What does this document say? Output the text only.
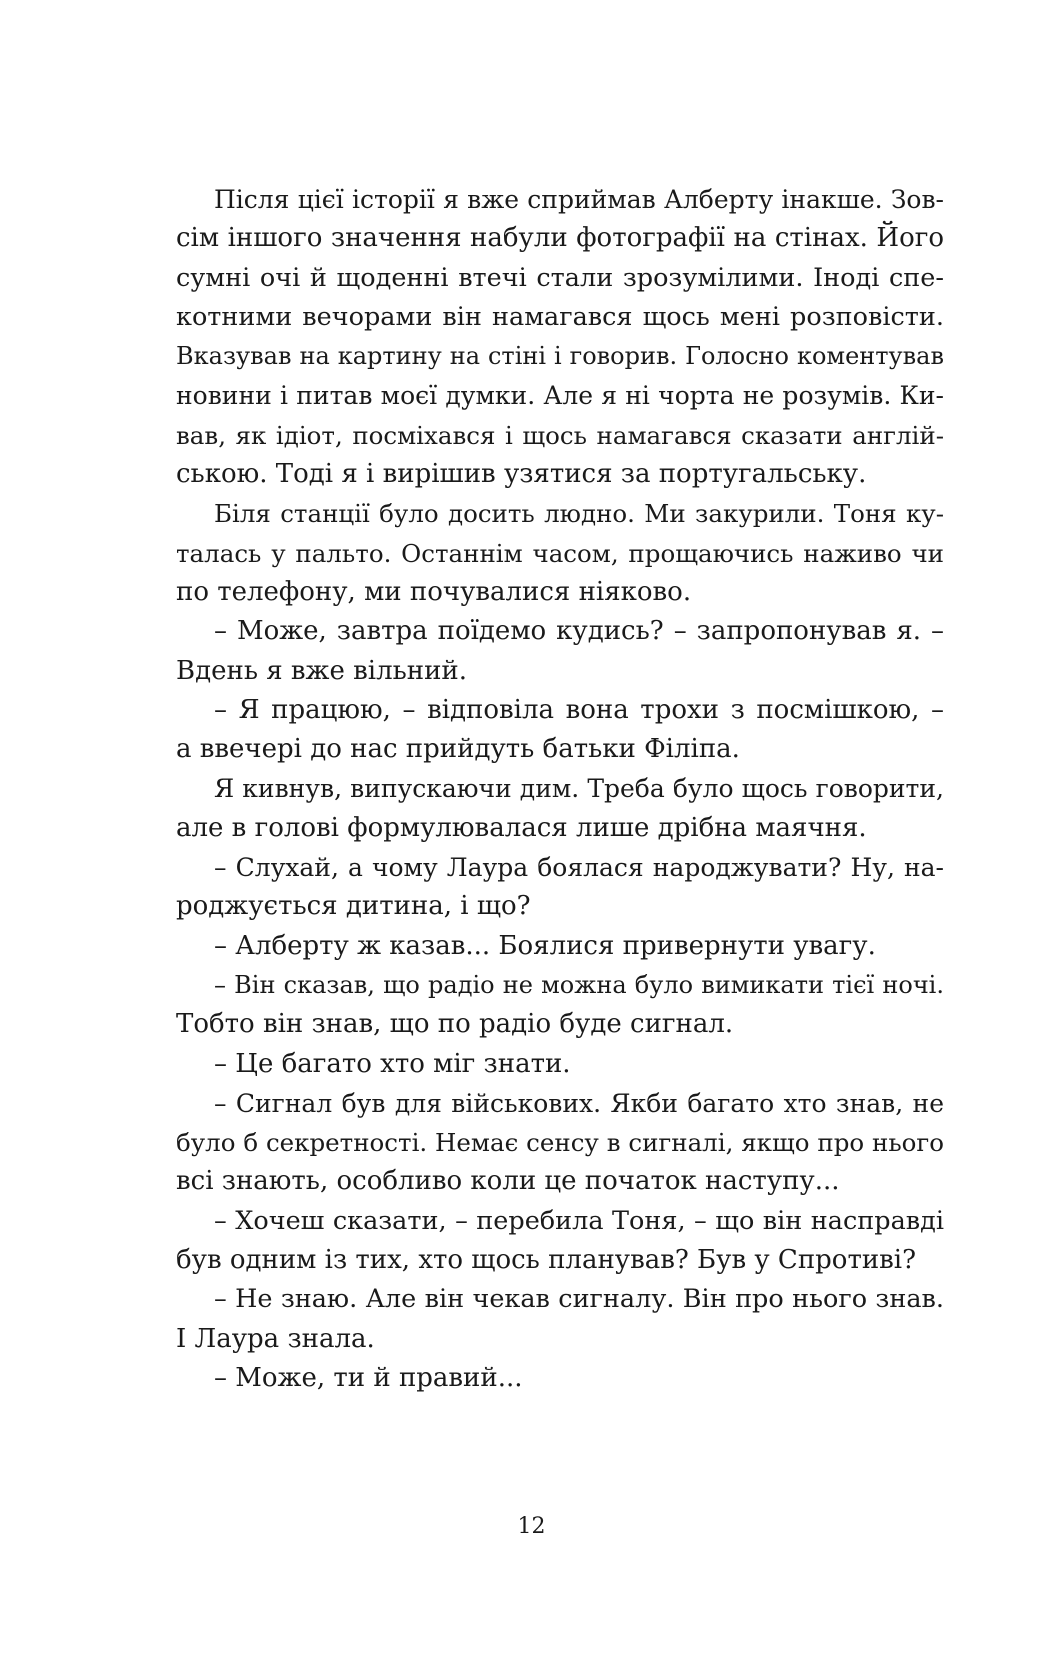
Після цієї історії я вже сприймав Алберту інакше. Зов-
сім іншого значення набули фотографії на стінах. Його
сумні очі й щоденні втечі стали зрозумілими. Іноді спе-
котними вечорами він намагався щось мені розповісти.
Вказував на картину на стіні і говорив. Голосно коментував
новини і питав моєї думки. Але я ні чорта не розумів. Ки-
вав, як ідіот, посміхався і щось намагався сказати англій-
ською. Тоді я і вирішив узятися за португальську.

Біля станції було досить людно. Ми закурили. Тоня ку-
талась у пальто. Останнім часом, прощаючись наживо чи
по телефону, ми почувалися ніяково.

– Може, завтра поїдемо кудись? – запропонував я. –
Вдень я вже вільний.

– Я працюю, – відповіла вона трохи з посмішкою, –
а ввечері до нас прийдуть батьки Філіпа.

Я кивнув, випускаючи дим. Треба було щось говорити,
але в голові формулювалася лише дрібна маячня.

– Слухай, а чому Лаура боялася народжувати? Ну, на-
роджується дитина, і що?

– Алберту ж казав... Боялися привернути увагу.

– Він сказав, що радіо не можна було вимикати тієї ночі.
Тобто він знав, що по радіо буде сигнал.

– Це багато хто міг знати.

– Сигнал був для військових. Якби багато хто знав, не
було б секретності. Немає сенсу в сигналі, якщо про нього
всі знають, особливо коли це початок наступу...

– Хочеш сказати, – перебила Тоня, – що він насправді
був одним із тих, хто щось планував? Був у Спротиві?

– Не знаю. Але він чекав сигналу. Він про нього знав.
І Лаура знала.

– Може, ти й правий...

12
